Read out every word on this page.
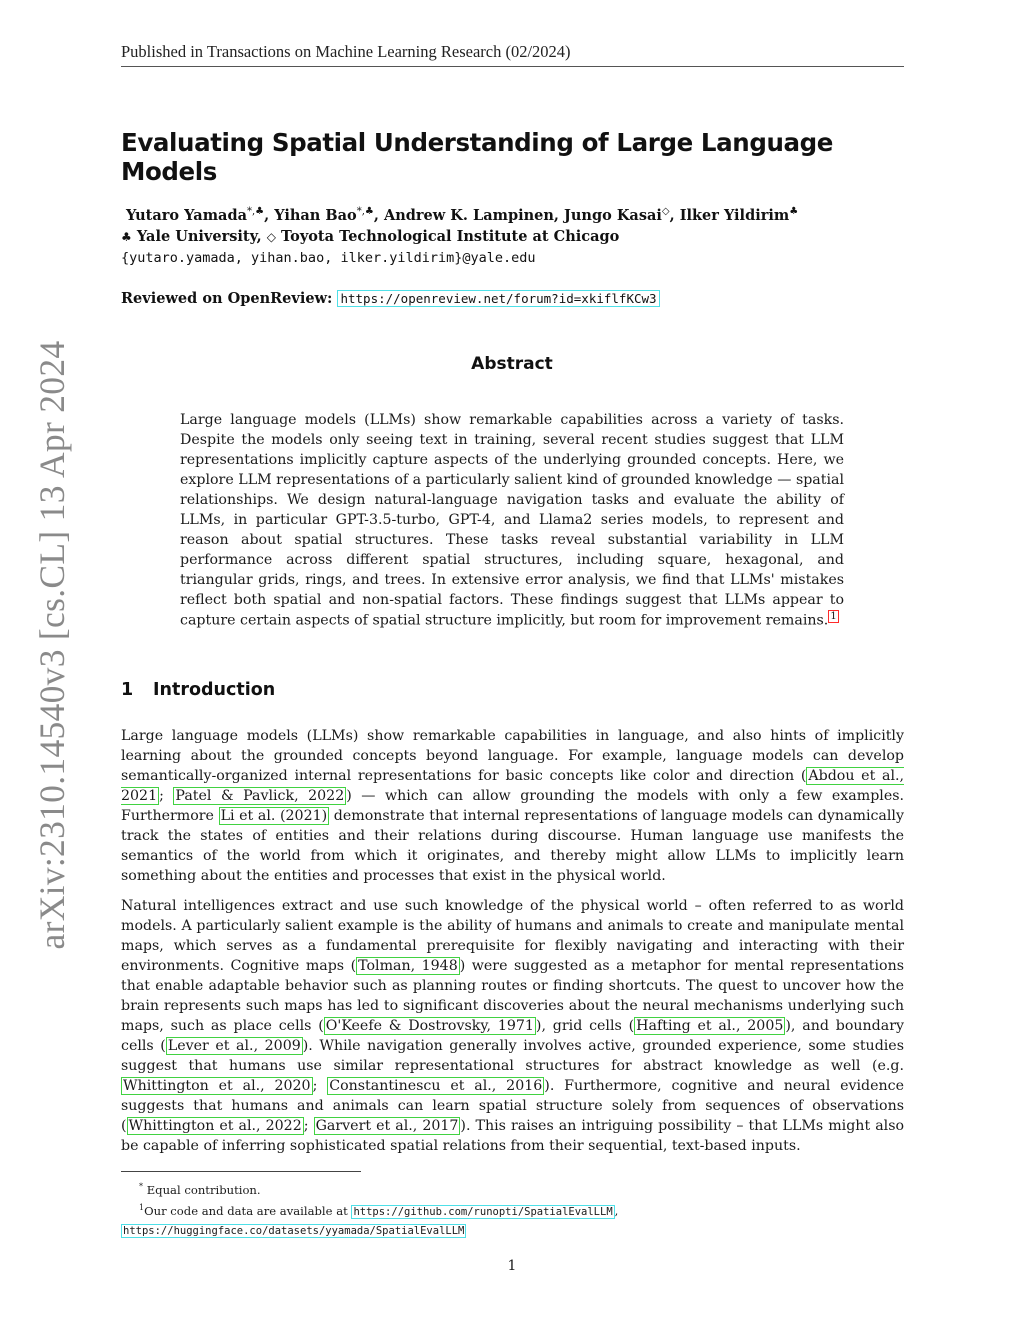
Published in Transactions on Machine Learning Research (02/2024)
arXiv:2310.14540v3 [cs.CL] 13 Apr 2024
Evaluating Spatial Understanding of Large Language Models
Yutaro Yamada*,♣, Yihan Bao*,♣, Andrew K. Lampinen, Jungo Kasai◇, Ilker Yildirim♣
♣ Yale University, ◇ Toyota Technological Institute at Chicago
{yutaro.yamada, yihan.bao, ilker.yildirim}@yale.edu
Reviewed on OpenReview: https://openreview.net/forum?id=xkiflfKCw3
Abstract
Large language models (LLMs) show remarkable capabilities across a variety of tasks. Despite the models only seeing text in training, several recent studies suggest that LLM representations implicitly capture aspects of the underlying grounded concepts. Here, we explore LLM representations of a particularly salient kind of grounded knowledge — spatial relationships. We design natural-language navigation tasks and evaluate the ability of LLMs, in particular GPT-3.5-turbo, GPT-4, and Llama2 series models, to represent and reason about spatial structures. These tasks reveal substantial variability in LLM performance across different spatial structures, including square, hexagonal, and triangular grids, rings, and trees. In extensive error analysis, we find that LLMs' mistakes reflect both spatial and non-spatial factors. These findings suggest that LLMs appear to capture certain aspects of spatial structure implicitly, but room for improvement remains. 1
1 Introduction
Large language models (LLMs) show remarkable capabilities in language, and also hints of implicitly learning about the grounded concepts beyond language. For example, language models can develop semantically-organized internal representations for basic concepts like color and direction ( Abdou et al., 2021 ; Patel & Pavlick, 2022 ) — which can allow grounding the models with only a few examples. Furthermore Li et al. (2021) demonstrate that internal representations of language models can dynamically track the states of entities and their relations during discourse. Human language use manifests the semantics of the world from which it originates, and thereby might allow LLMs to implicitly learn something about the entities and processes that exist in the physical world.
Natural intelligences extract and use such knowledge of the physical world – often referred to as world models. A particularly salient example is the ability of humans and animals to create and manipulate mental maps, which serves as a fundamental prerequisite for flexibly navigating and interacting with their environments. Cognitive maps ( Tolman, 1948 ) were suggested as a metaphor for mental representations that enable adaptable behavior such as planning routes or finding shortcuts. The quest to uncover how the brain represents such maps has led to significant discoveries about the neural mechanisms underlying such maps, such as place cells ( O'Keefe & Dostrovsky, 1971 ), grid cells ( Hafting et al., 2005 ), and boundary cells ( Lever et al., 2009 ). While navigation generally involves active, grounded experience, some studies suggest that humans use similar representational structures for abstract knowledge as well (e.g. Whittington et al., 2020 ; Constantinescu et al., 2016 ). Furthermore, cognitive and neural evidence suggests that humans and animals can learn spatial structure solely from sequences of observations ( Whittington et al., 2022 ; Garvert et al., 2017 ). This raises an intriguing possibility – that LLMs might also be capable of inferring sophisticated spatial relations from their sequential, text-based inputs.
* Equal contribution.
$^1$Our code and data are available at https://github.com/runopti/SpatialEvalLLM , https://huggingface.co/datasets/yyamada/SpatialEvalLLM
1
